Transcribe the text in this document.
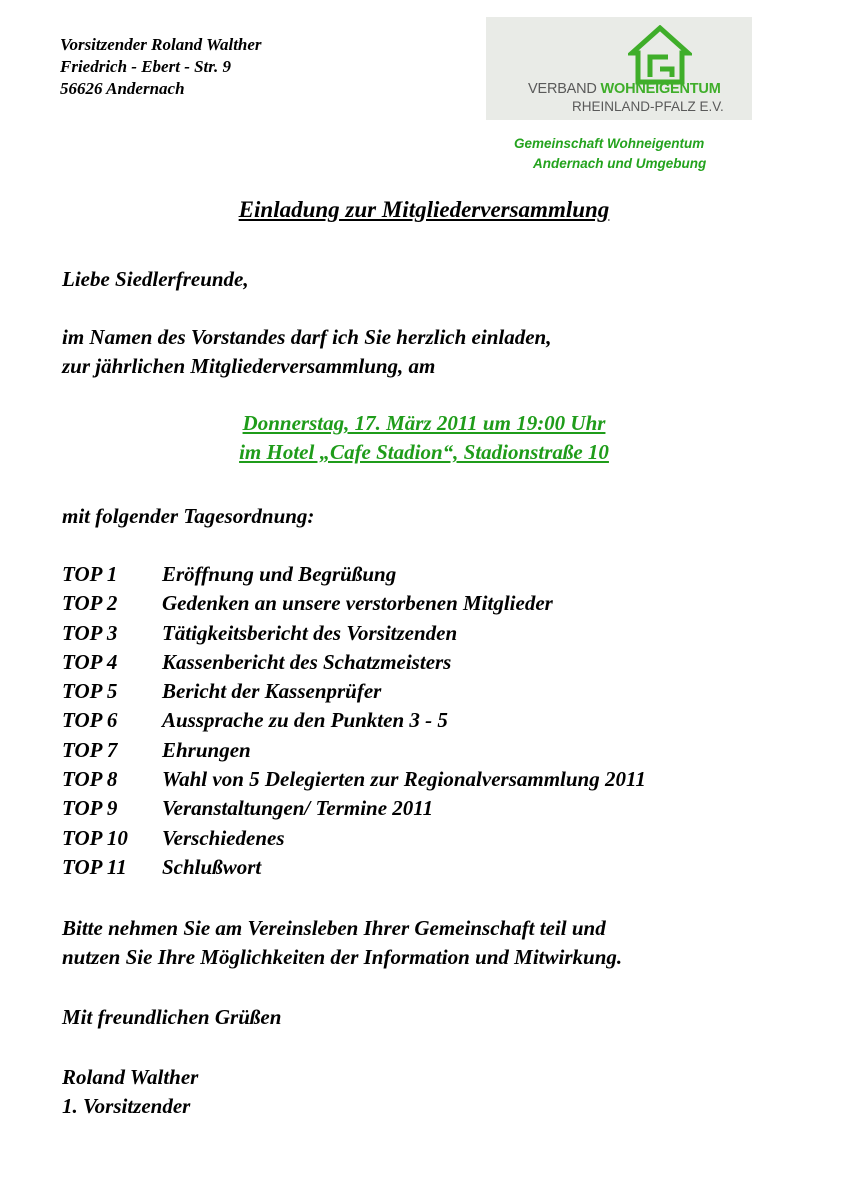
Vorsitzender Roland Walther
Friedrich - Ebert - Str. 9
56626 Andernach	VERBAND WOHNEIGENTUM
RHEINLAND-PFALZ E.V.
Gemeinschaft Wohneigentum
Andernach und Umgebung
Einladung zur Mitgliederversammlung
Liebe Siedlerfreunde,
im Namen des Vorstandes darf ich Sie herzlich einladen,
zur jährlichen Mitgliederversammlung, am
Donnerstag, 17. März 2011 um 19:00 Uhr
im Hotel „Cafe Stadion“, Stadionstraße 10
mit folgender Tagesordnung:
TOP 1	Eröffnung und Begrüßung
TOP 2	Gedenken an unsere verstorbenen Mitglieder
TOP 3	Tätigkeitsbericht des Vorsitzenden
TOP 4	Kassenbericht des Schatzmeisters
TOP 5	Bericht der Kassenprüfer
TOP 6	Aussprache zu den Punkten 3 - 5
TOP 7	Ehrungen
TOP 8	Wahl von 5 Delegierten zur Regionalversammlung 2011
TOP 9	Veranstaltungen/ Termine 2011
TOP 10	Verschiedenes
TOP 11	Schlußwort
Bitte nehmen Sie am Vereinsleben Ihrer Gemeinschaft teil und
nutzen Sie Ihre Möglichkeiten der Information und Mitwirkung.
Mit freundlichen Grüßen
Roland Walther
1. Vorsitzender
